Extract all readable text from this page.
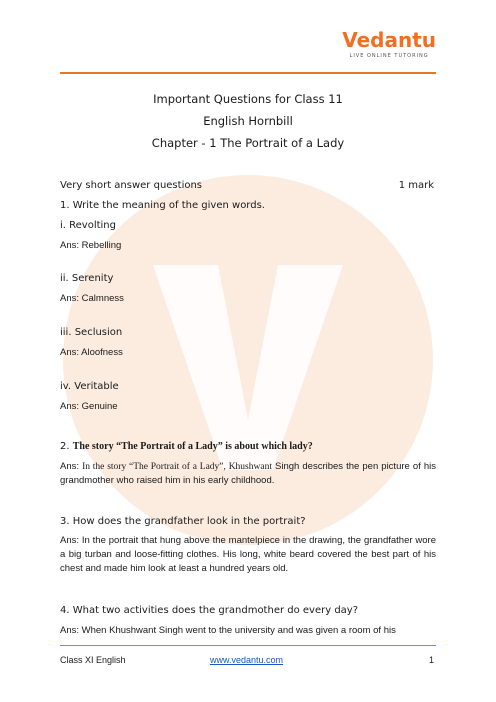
Vedantu
LIVE ONLINE TUTORING
Important Questions for Class 11
English Hornbill
Chapter - 1 The Portrait of a Lady
Very short answer questions	1 mark
1. Write the meaning of the given words.
i. Revolting
Ans: Rebelling
ii. Serenity
Ans: Calmness
iii. Seclusion
Ans: Aloofness
iv. Veritable
Ans: Genuine
2. The story “The Portrait of a Lady” is about which lady?
Ans: In the story “The Portrait of a Lady”, Khushwant Singh describes the pen picture of his grandmother who raised him in his early childhood.
3. How does the grandfather look in the portrait?
Ans: In the portrait that hung above the mantelpiece in the drawing, the grandfather wore a big turban and loose-fitting clothes. His long, white beard covered the best part of his chest and made him look at least a hundred years old.
4. What two activities does the grandmother do every day?
Ans: When Khushwant Singh went to the university and was given a room of his
Class XI English	www.vedantu.com	1
